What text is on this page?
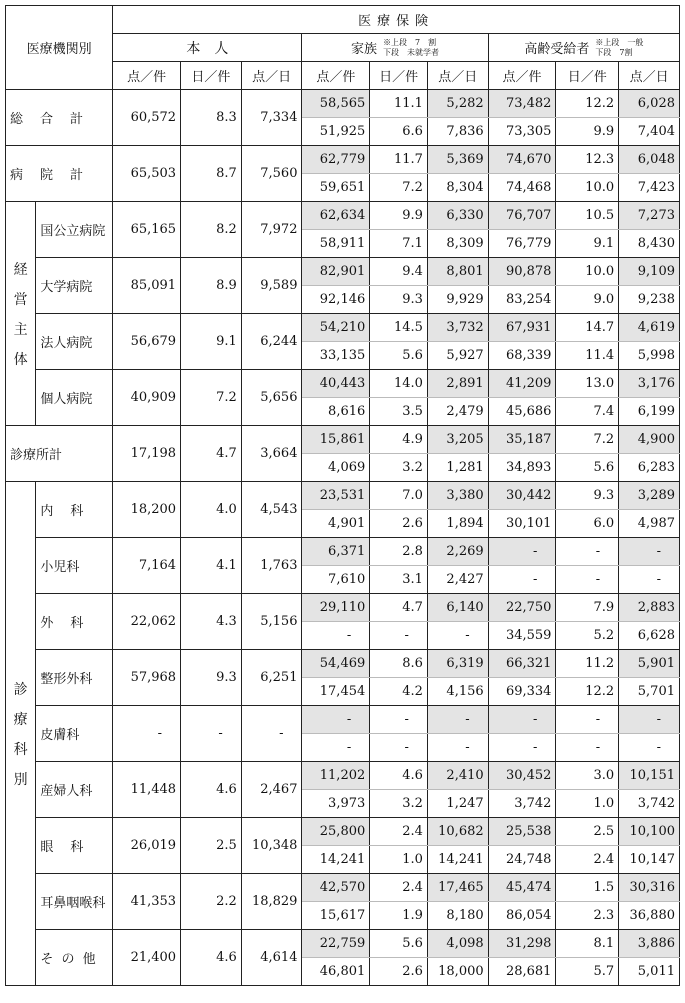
医療機関別		医療保険								
		本　人			家族 ※上段　7　割
下段　未就学者			高齢受給者 ※上段　一般
下段　7割		

		点／件	日／件	点／日	点／件	日／件	点／日	点／件	日／件	点／日
総　合　計		60,572	8.3	7,334	58,565	11.1	5,282	73,482	12.2	6,028
					51,925	6.6	7,836	73,305	9.9	7,404
病　院　計		65,503	8.7	7,560	62,779	11.7	5,369	74,670	12.3	6,048
					59,651	7.2	8,304	74,468	10.0	7,423

経
営
主
体	国公立病院	65,165	8.2	7,972	62,634	9.9	6,330	76,707	10.5	7,273
					58,911	7.1	8,309	76,779	9.1	8,430
	大学病院	85,091	8.9	9,589	82,901	9.4	8,801	90,878	10.0	9,109
					92,146	9.3	9,929	83,254	9.0	9,238
	法人病院	56,679	9.1	6,244	54,210	14.5	3,732	67,931	14.7	4,619
					33,135	5.6	5,927	68,339	11.4	5,998
	個人病院	40,909	7.2	5,656	40,443	14.0	2,891	41,209	13.0	3,176
					8,616	3.5	2,479	45,686	7.4	6,199
診療所計		17,198	4.7	3,664	15,861	4.9	3,205	35,187	7.2	4,900
					4,069	3.2	1,281	34,893	5.6	6,283

診
療
科
別	内　科	18,200	4.0	4,543	23,531	7.0	3,380	30,442	9.3	3,289
					4,901	2.6	1,894	30,101	6.0	4,987
	小児科	7,164	4.1	1,763	6,371	2.8	2,269	-	-	-
					7,610	3.1	2,427	-	-	-
	外　科	22,062	4.3	5,156	29,110	4.7	6,140	22,750	7.9	2,883
					-	-	-	34,559	5.2	6,628
	整形外科	57,968	9.3	6,251	54,469	8.6	6,319	66,321	11.2	5,901
					17,454	4.2	4,156	69,334	12.2	5,701
	皮膚科	-	-	-	-	-	-	-	-	-
					-	-	-	-	-	-
	産婦人科	11,448	4.6	2,467	11,202	4.6	2,410	30,452	3.0	10,151
					3,973	3.2	1,247	3,742	1.0	3,742
	眼　科	26,019	2.5	10,348	25,800	2.4	10,682	25,538	2.5	10,100
					14,241	1.0	14,241	24,748	2.4	10,147
	耳鼻咽喉科	41,353	2.2	18,829	42,570	2.4	17,465	45,474	1.5	30,316
					15,617	1.9	8,180	86,054	2.3	36,880
	そ の 他	21,400	4.6	4,614	22,759	5.6	4,098	31,298	8.1	3,886
					46,801	2.6	18,000	28,681	5.7	5,011
